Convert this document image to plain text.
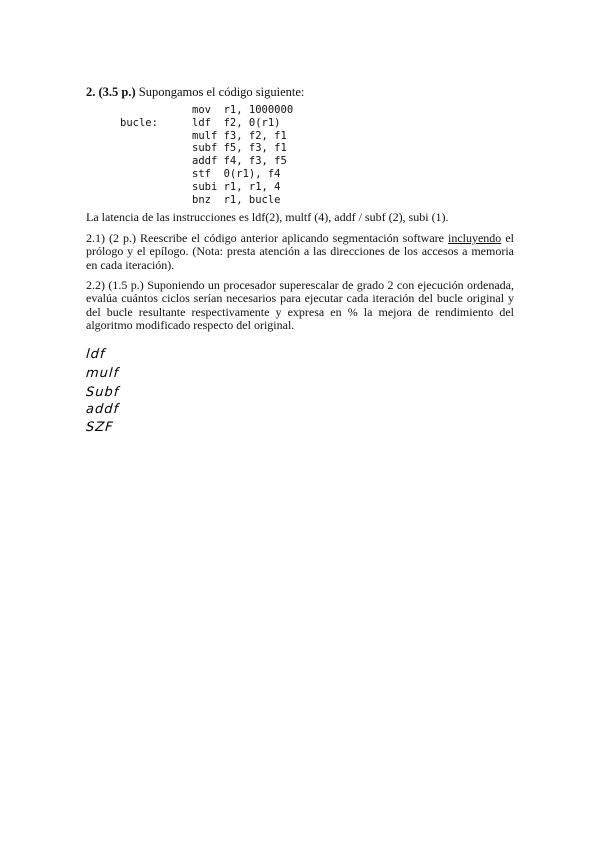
2. (3.5 p.) Supongamos el código siguiente:
mov  r1, 1000000
bucle:	ldf  f2, 0(r1)
mulf f3, f2, f1
subf f5, f3, f1
addf f4, f3, f5
stf  0(r1), f4
subi r1, r1, 4
bnz  r1, bucle
La latencia de las instrucciones es ldf(2), multf (4), addf / subf (2), subi (1).
2.1) (2 p.) Reescribe el código anterior aplicando segmentación software incluyendo el prólogo y el epílogo. (Nota: presta atención a las direcciones de los accesos a memoria en cada iteración).
2.2) (1.5 p.) Suponiendo un procesador superescalar de grado 2 con ejecución ordenada, evalúa cuántos ciclos serían necesarios para ejecutar cada iteración del bucle original y del bucle resultante respectivamente y expresa en % la mejora de rendimiento del algoritmo modificado respecto del original.
ldf
mulf
Subf
addf
SZF
